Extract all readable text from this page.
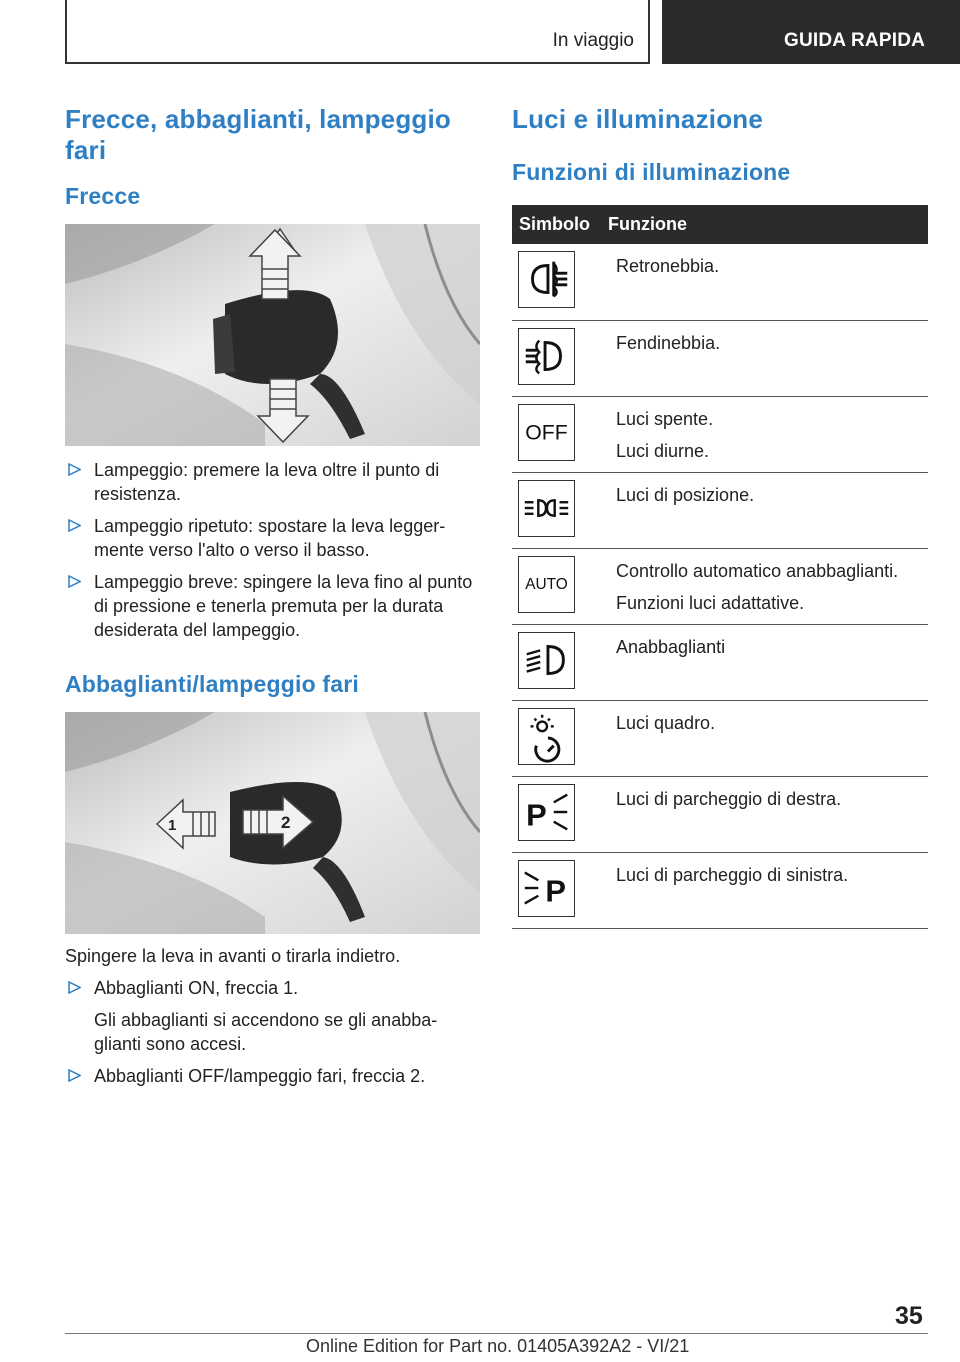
In viaggio	GUIDA RAPIDA
Frecce, abbaglianti, lampeggio fari
Frecce
Lampeggio: premere la leva oltre il punto di resistenza.
Lampeggio ripetuto: spostare la leva legger- mente verso l'alto o verso il basso.
Lampeggio breve: spingere la leva fino al punto di pressione e tenerla premuta per la durata desiderata del lampeggio.
Abbaglianti/lampeggio fari
1	2

Spingere la leva in avanti o tirarla indietro.

Abbaglianti ON, freccia 1.
Gli abbaglianti si accendono se gli anabba- glianti sono accesi.
Abbaglianti OFF/lampeggio fari, freccia 2.
Luci e illuminazione
Funzioni di illuminazione
Simbolo	Funzione

Retronebbia.

Fendinebbia.

OFF	Luci spente.
Luci diurne.

Luci di posizione.

AUTO	Controllo automatico anabbaglianti.
Funzioni luci adattative.

Anabbaglianti

Luci quadro.

P	Luci di parcheggio di destra.

P	Luci di parcheggio di sinistra.
35
Online Edition for Part no. 01405A392A2 - VI/21
